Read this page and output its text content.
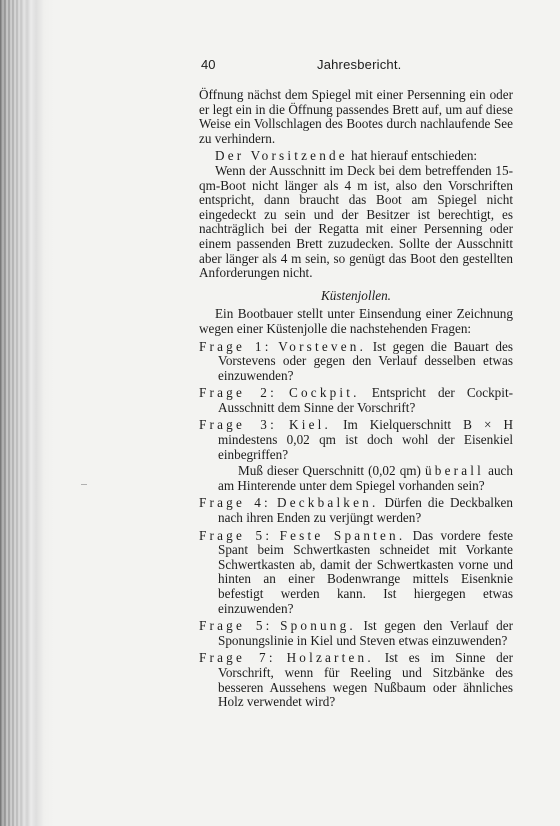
40	Jahresbericht.

Öffnung nächst dem Spiegel mit einer Persenning ein oder er legt ein in die Öffnung passendes Brett auf, um auf diese Weise ein Vollschlagen des Bootes durch nachlaufende See zu verhindern.

Der Vorsitzende hat hierauf entschieden:

Wenn der Ausschnitt im Deck bei dem betreffenden 15-qm-Boot nicht länger als 4 m ist, also den Vorschriften entspricht, dann braucht das Boot am Spiegel nicht eingedeckt zu sein und der Besitzer ist berechtigt, es nachträglich bei der Regatta mit einer Persenning oder einem passenden Brett zuzudecken. Sollte der Ausschnitt aber länger als 4 m sein, so genügt das Boot den gestellten Anforderungen nicht.

Küstenjollen.

Ein Bootbauer stellt unter Einsendung einer Zeichnung wegen einer Küstenjolle die nachstehenden Fragen:

Frage 1: Vorsteven. Ist gegen die Bauart des Vorstevens oder gegen den Verlauf desselben etwas einzuwenden?

Frage 2: Cockpit. Entspricht der Cockpit-Ausschnitt dem Sinne der Vorschrift?

Frage 3: Kiel. Im Kielquerschnitt B × H mindestens 0,02 qm ist doch wohl der Eisenkiel einbegriffen?

Muß dieser Querschnitt (0,02 qm) überall auch am Hinterende unter dem Spiegel vorhanden sein?

Frage 4: Deckbalken. Dürfen die Deckbalken nach ihren Enden zu verjüngt werden?

Frage 5: Feste Spanten. Das vordere feste Spant beim Schwertkasten schneidet mit Vorkante Schwertkasten ab, damit der Schwertkasten vorne und hinten an einer Bodenwrange mittels Eisenknie befestigt werden kann. Ist hiergegen etwas einzuwenden?

Frage 5: Sponung. Ist gegen den Verlauf der Sponungslinie in Kiel und Steven etwas einzuwenden?

Frage 7: Holzarten. Ist es im Sinne der Vorschrift, wenn für Reeling und Sitzbänke des besseren Aussehens wegen Nußbaum oder ähnliches Holz verwendet wird?
